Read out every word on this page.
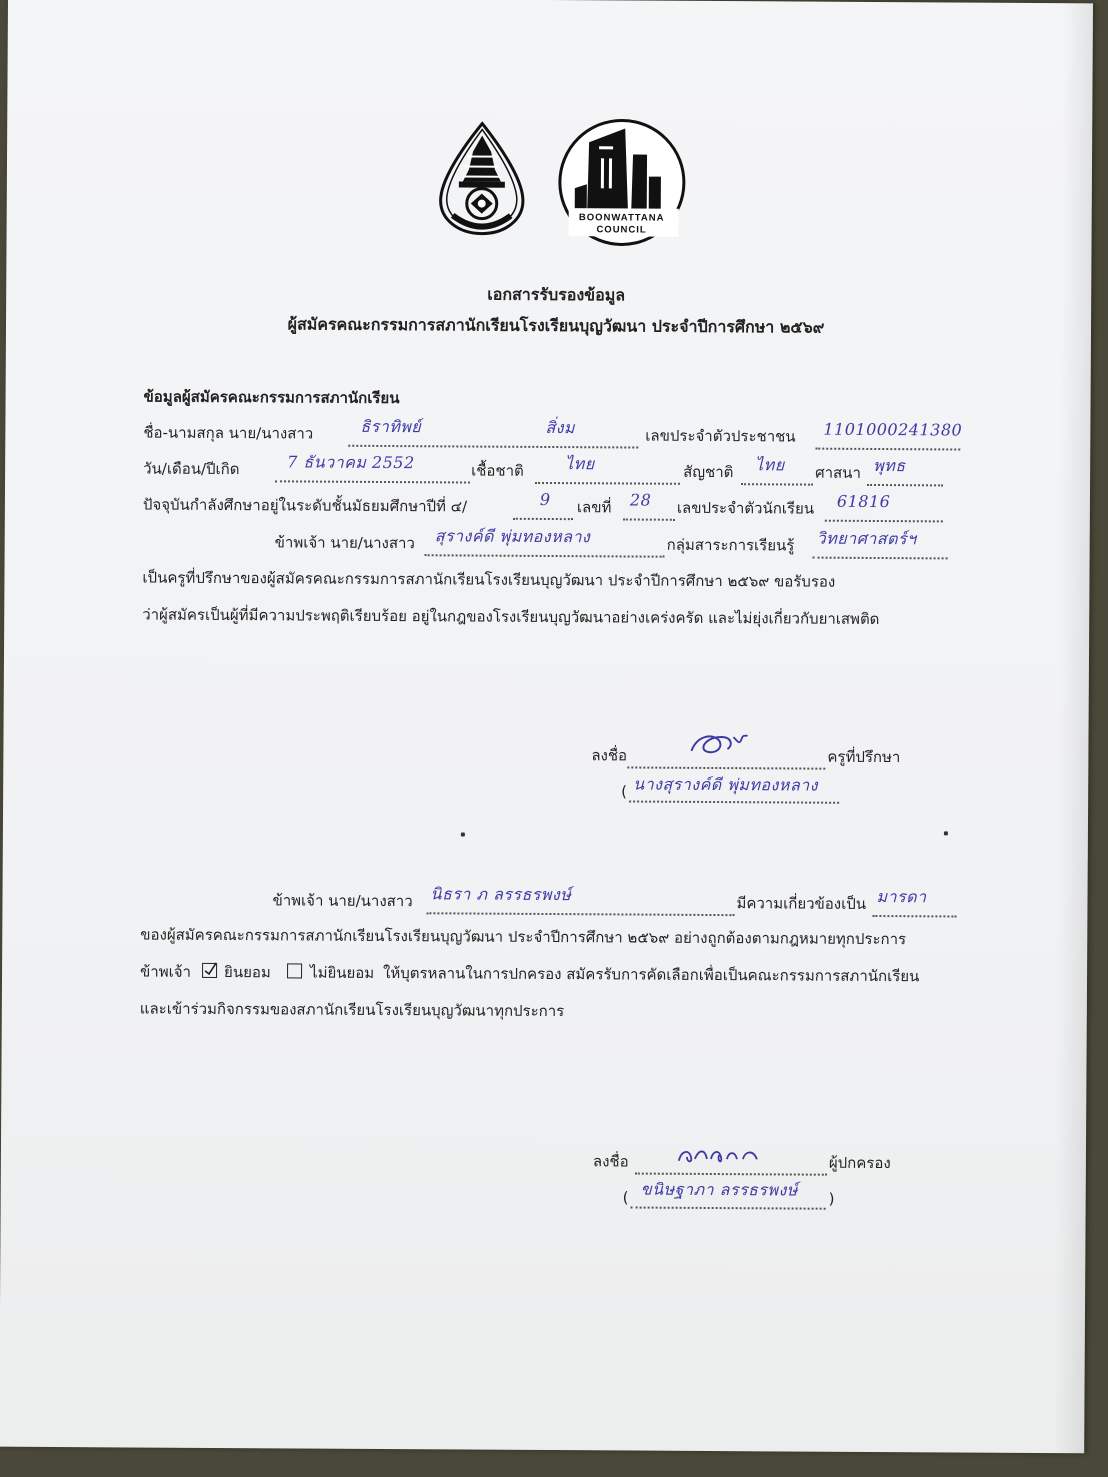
BOONWATTANA
COUNCIL
เอกสารรับรองข้อมูล
ผู้สมัครคณะกรรมการสภานักเรียนโรงเรียนบุญวัฒนา ประจำปีการศึกษา ๒๕๖๙
ข้อมูลผู้สมัครคณะกรรมการสภานักเรียน
ชื่อ-นามสกุล นาย/นางสาว	ธิราทิพย์	สิ่งม	เลขประจำตัวประชาชน 1101000241380
วัน/เดือน/ปีเกิด	7 ธันวาคม 2552	เชื้อชาติ	ไทย	สัญชาติ ไทย ศาสนา พุทธ
ปัจจุบันกำลังศึกษาอยู่ในระดับชั้นมัธยมศึกษาปีที่ ๔/	9 เลขที่ 28 เลขประจำตัวนักเรียน 61816
ข้าพเจ้า นาย/นางสาว สุรางค์ดี พุ่มทองหลาง	กลุ่มสาระการเรียนรู้ วิทยาศาสตร์ฯ
เป็นครูที่ปรึกษาของผู้สมัครคณะกรรมการสภานักเรียนโรงเรียนบุญวัฒนา ประจำปีการศึกษา ๒๕๖๙ ขอรับรอง
ว่าผู้สมัครเป็นผู้ที่มีความประพฤติเรียบร้อย อยู่ในกฎของโรงเรียนบุญวัฒนาอย่างเคร่งครัด และไม่ยุ่งเกี่ยวกับยาเสพติด
ลงชื่อ	ครูที่ปรึกษา
( นางสุรางค์ดี พุ่มทองหลาง
ข้าพเจ้า นาย/นางสาว นิธรา ภ ลรรธรพงษ์	มีความเกี่ยวข้องเป็น มารดา
ของผู้สมัครคณะกรรมการสภานักเรียนโรงเรียนบุญวัฒนา ประจำปีการศึกษา ๒๕๖๙ อย่างถูกต้องตามกฎหมายทุกประการ
ข้าพเจ้า ยินยอม	ไม่ยินยอม ให้บุตรหลานในการปกครอง สมัครรับการคัดเลือกเพื่อเป็นคณะกรรมการสภานักเรียน
และเข้าร่วมกิจกรรมของสภานักเรียนโรงเรียนบุญวัฒนาทุกประการ
ลงชื่อ	ผู้ปกครอง
( ขนิษฐาภา ลรรธรพงษ์ )
